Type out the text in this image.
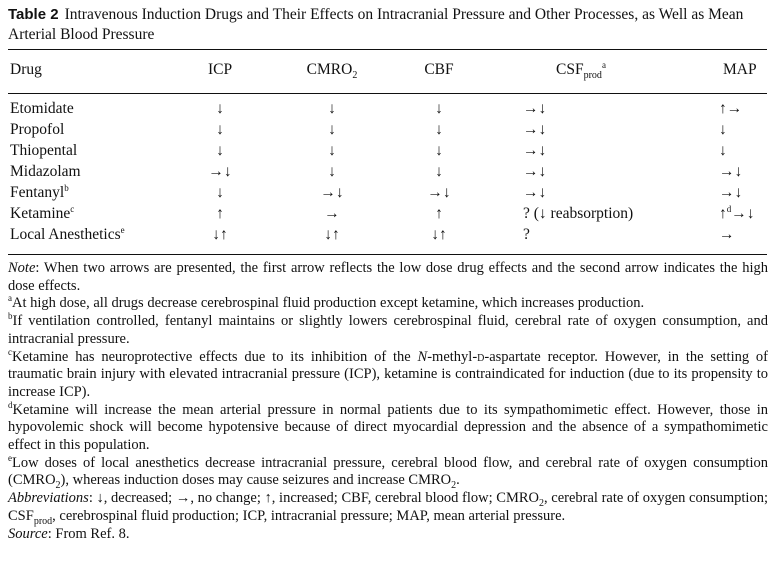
Table 2 Intravenous Induction Drugs and Their Effects on Intracranial Pressure and Other Processes, as Well as Mean Arterial Blood Pressure
Drug	ICP	$CMRO_2$	CBF	$CSF_{prod}^a$	MAP
Etomidate	↓	↓	↓	→↓	↑→
Propofol	↓	↓	↓	→↓	↓
Thiopental	↓	↓	↓	→↓	↓
Midazolam	→↓	↓	↓	→↓	→↓
Fentanyl$^b$	↓	→↓	→↓	→↓	→↓
Ketamine$^c$	↑	→	↑	? (↓ reabsorption)	↑$^d$→↓
Local Anesthetics$^e$	↓↑	↓↑	↓↑	?	→

Note: When two arrows are presented, the first arrow reflects the low dose drug effects and the second arrow indicates the high dose effects.

$^a$At high dose, all drugs decrease cerebrospinal fluid production except ketamine, which increases production.

$^b$If ventilation controlled, fentanyl maintains or slightly lowers cerebrospinal fluid, cerebral rate of oxygen consumption, and intracranial pressure.

$^c$Ketamine has neuroprotective effects due to its inhibition of the N-methyl-d-aspartate receptor. However, in the setting of traumatic brain injury with elevated intracranial pressure (ICP), ketamine is contraindicated for induction (due to its propensity to increase ICP).

$^d$Ketamine will increase the mean arterial pressure in normal patients due to its sympathomimetic effect. However, those in hypovolemic shock will become hypotensive because of direct myocardial depression and the absence of a sympathomimetic effect in this population.

$^e$Low doses of local anesthetics decrease intracranial pressure, cerebral blood flow, and cerebral rate of oxygen consumption $(CMRO_2)$, whereas induction doses may cause seizures and increase $CMRO_2$.

Abbreviations: ↓, decreased; →, no change; ↑, increased; CBF, cerebral blood flow; $CMRO_2$, cerebral rate of oxygen consumption; $CSF_{prod}$, cerebrospinal fluid production; ICP, intracranial pressure; MAP, mean arterial pressure.

Source: From Ref. 8.
